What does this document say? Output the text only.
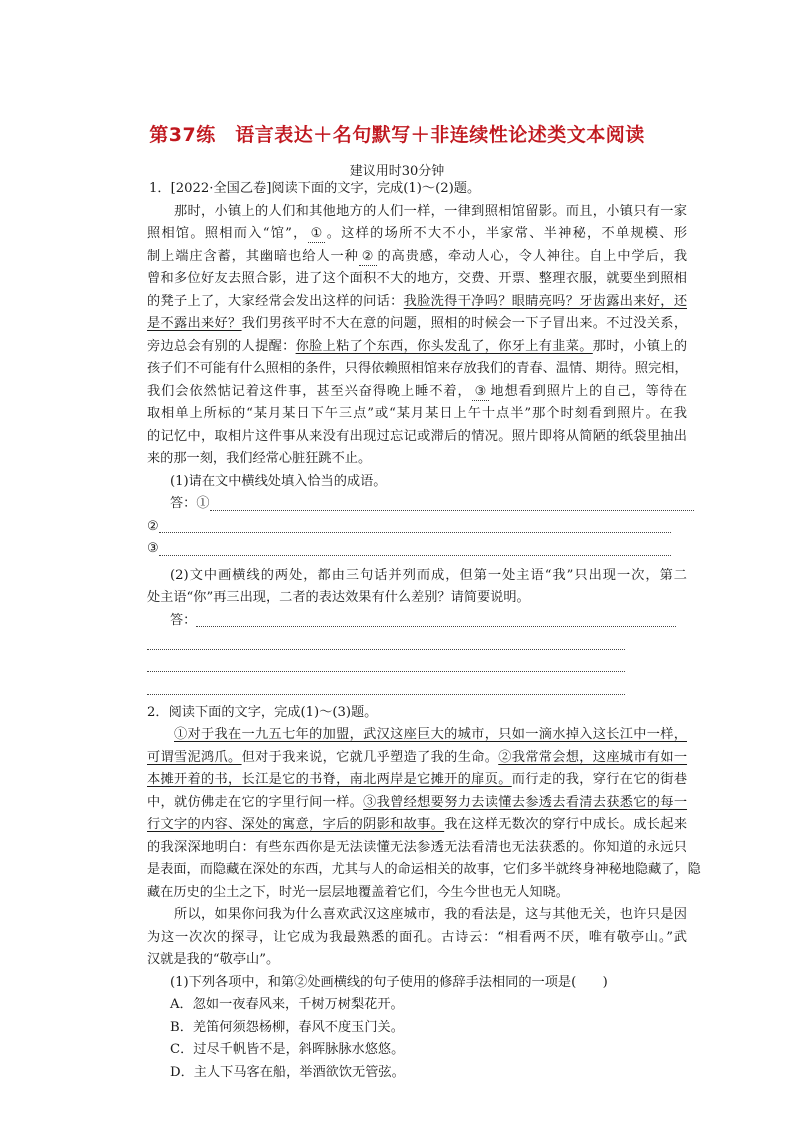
第37练　语言表达＋名句默写＋非连续性论述类文本阅读
建议用时30分钟
1．[2022·全国乙卷]阅读下面的文字，完成(1)～(2)题。
那时，小镇上的人们和其他地方的人们一样，一律到照相馆留影。而且，小镇只有一家
照相馆。照相而入“馆”， ① 。这样的场所不大不小，半家常、半神秘，不单规模、形
制上端庄含蓄，其幽暗也给人一种 ② 的高贵感，牵动人心，令人神往。自上中学后，我
曾和多位好友去照合影，进了这个面积不大的地方，交费、开票、整理衣服，就要坐到照相
的凳子上了，大家经常会发出这样的问话：我脸洗得干净吗？眼睛亮吗？牙齿露出来好，还
是不露出来好？我们男孩平时不大在意的问题，照相的时候会一下子冒出来。不过没关系，
旁边总会有别的人提醒：你脸上粘了个东西，你头发乱了，你牙上有韭菜。那时，小镇上的
孩子们不可能有什么照相的条件，只得依赖照相馆来存放我们的青春、温情、期待。照完相，
我们会依然惦记着这件事，甚至兴奋得晚上睡不着， ③ 地想看到照片上的自己，等待在
取相单上所标的“某月某日下午三点”或“某月某日上午十点半”那个时刻看到照片。在我
的记忆中，取相片这件事从来没有出现过忘记或滞后的情况。照片即将从简陋的纸袋里抽出
来的那一刻，我们经常心脏狂跳不止。
(1)请在文中横线处填入恰当的成语。
答：①
②
③
(2)文中画横线的两处，都由三句话并列而成，但第一处主语“我”只出现一次，第二
处主语“你”再三出现，二者的表达效果有什么差别？请简要说明。
答：
2．阅读下面的文字，完成(1)～(3)题。
①对于我在一九五七年的加盟，武汉这座巨大的城市，只如一滴水掉入这长江中一样，
可谓雪泥鸿爪。但对于我来说，它就几乎塑造了我的生命。②我常常会想，这座城市有如一
本摊开着的书，长江是它的书脊，南北两岸是它摊开的扉页。而行走的我，穿行在它的街巷
中，就仿佛走在它的字里行间一样。③我曾经想要努力去读懂去参透去看清去获悉它的每一
行文字的内容、深处的寓意，字后的阴影和故事。我在这样无数次的穿行中成长。成长起来
的我深深地明白：有些东西你是无法读懂无法参透无法看清也无法获悉的。你知道的永远只
是表面，而隐藏在深处的东西，尤其与人的命运相关的故事，它们多半就终身神秘地隐藏了，隐
藏在历史的尘土之下，时光一层层地覆盖着它们，今生今世也无人知晓。
所以，如果你问我为什么喜欢武汉这座城市，我的看法是，这与其他无关，也许只是因
为这一次次的探寻，让它成为我最熟悉的面孔。古诗云：“相看两不厌，唯有敬亭山。”武
汉就是我的“敬亭山”。
(1)下列各项中，和第②处画横线的句子使用的修辞手法相同的一项是(　　)
A．忽如一夜春风来，千树万树梨花开。
B．羌笛何须怨杨柳，春风不度玉门关。
C．过尽千帆皆不是，斜晖脉脉水悠悠。
D．主人下马客在船，举酒欲饮无管弦。
